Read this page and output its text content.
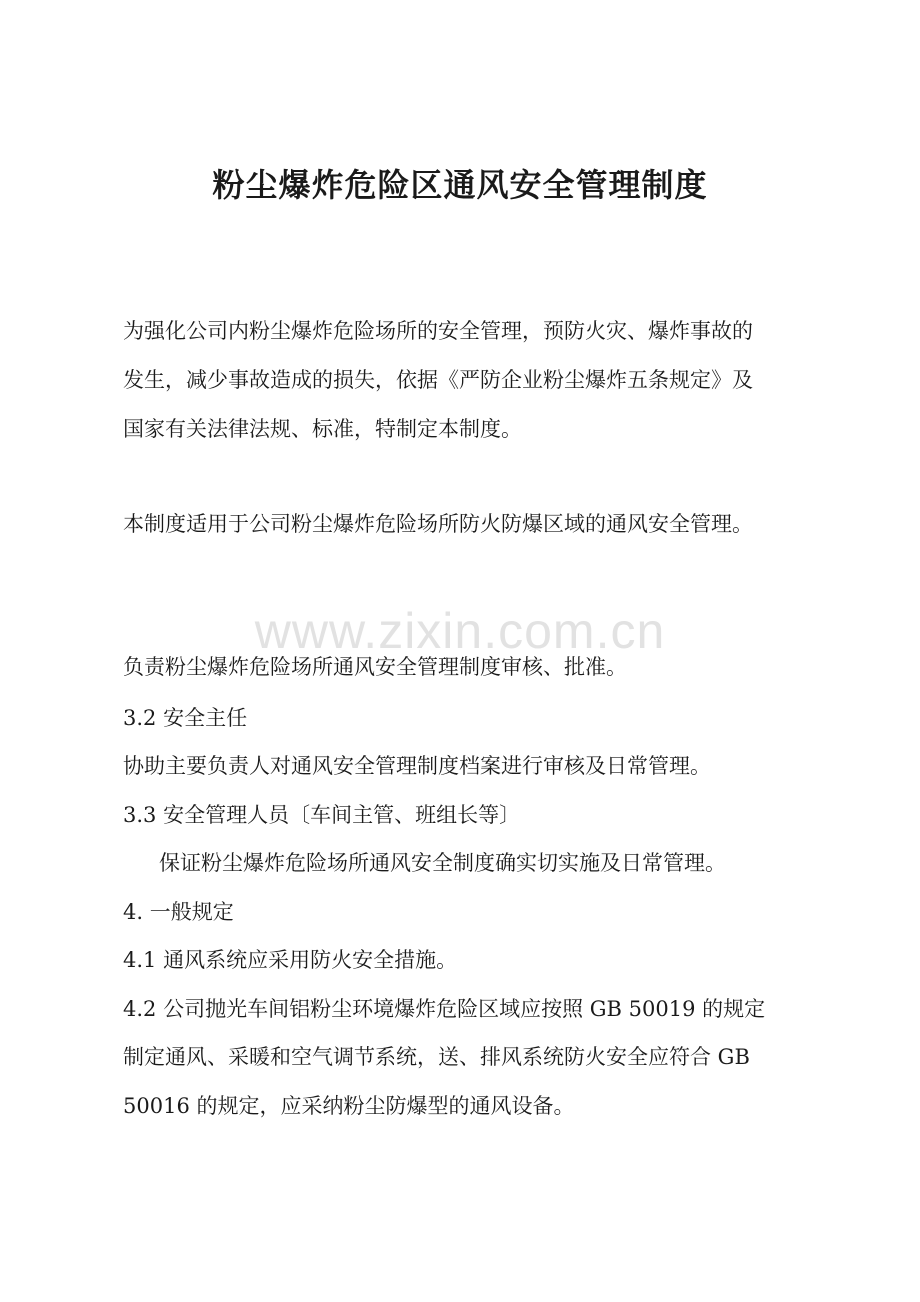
粉尘爆炸危险区通风安全管理制度
www.zixin.com.cn

为强化公司内粉尘爆炸危险场所的安全管理，预防火灾、爆炸事故的

发生，减少事故造成的损失，依据《严防企业粉尘爆炸五条规定》及

国家有关法律法规、标准，特制定本制度。

本制度适用于公司粉尘爆炸危险场所防火防爆区域的通风安全管理。

负责粉尘爆炸危险场所通风安全管理制度审核、批准。

3.2 安全主任

协助主要负责人对通风安全管理制度档案进行审核及日常管理。

3.3 安全管理人员〔车间主管、班组长等〕

保证粉尘爆炸危险场所通风安全制度确实切实施及日常管理。

4. 一般规定

4.1 通风系统应采用防火安全措施。

4.2 公司抛光车间铝粉尘环境爆炸危险区域应按照 GB 50019 的规定

制定通风、采暖和空气调节系统，送、排风系统防火安全应符合 GB

50016 的规定，应采纳粉尘防爆型的通风设备。
